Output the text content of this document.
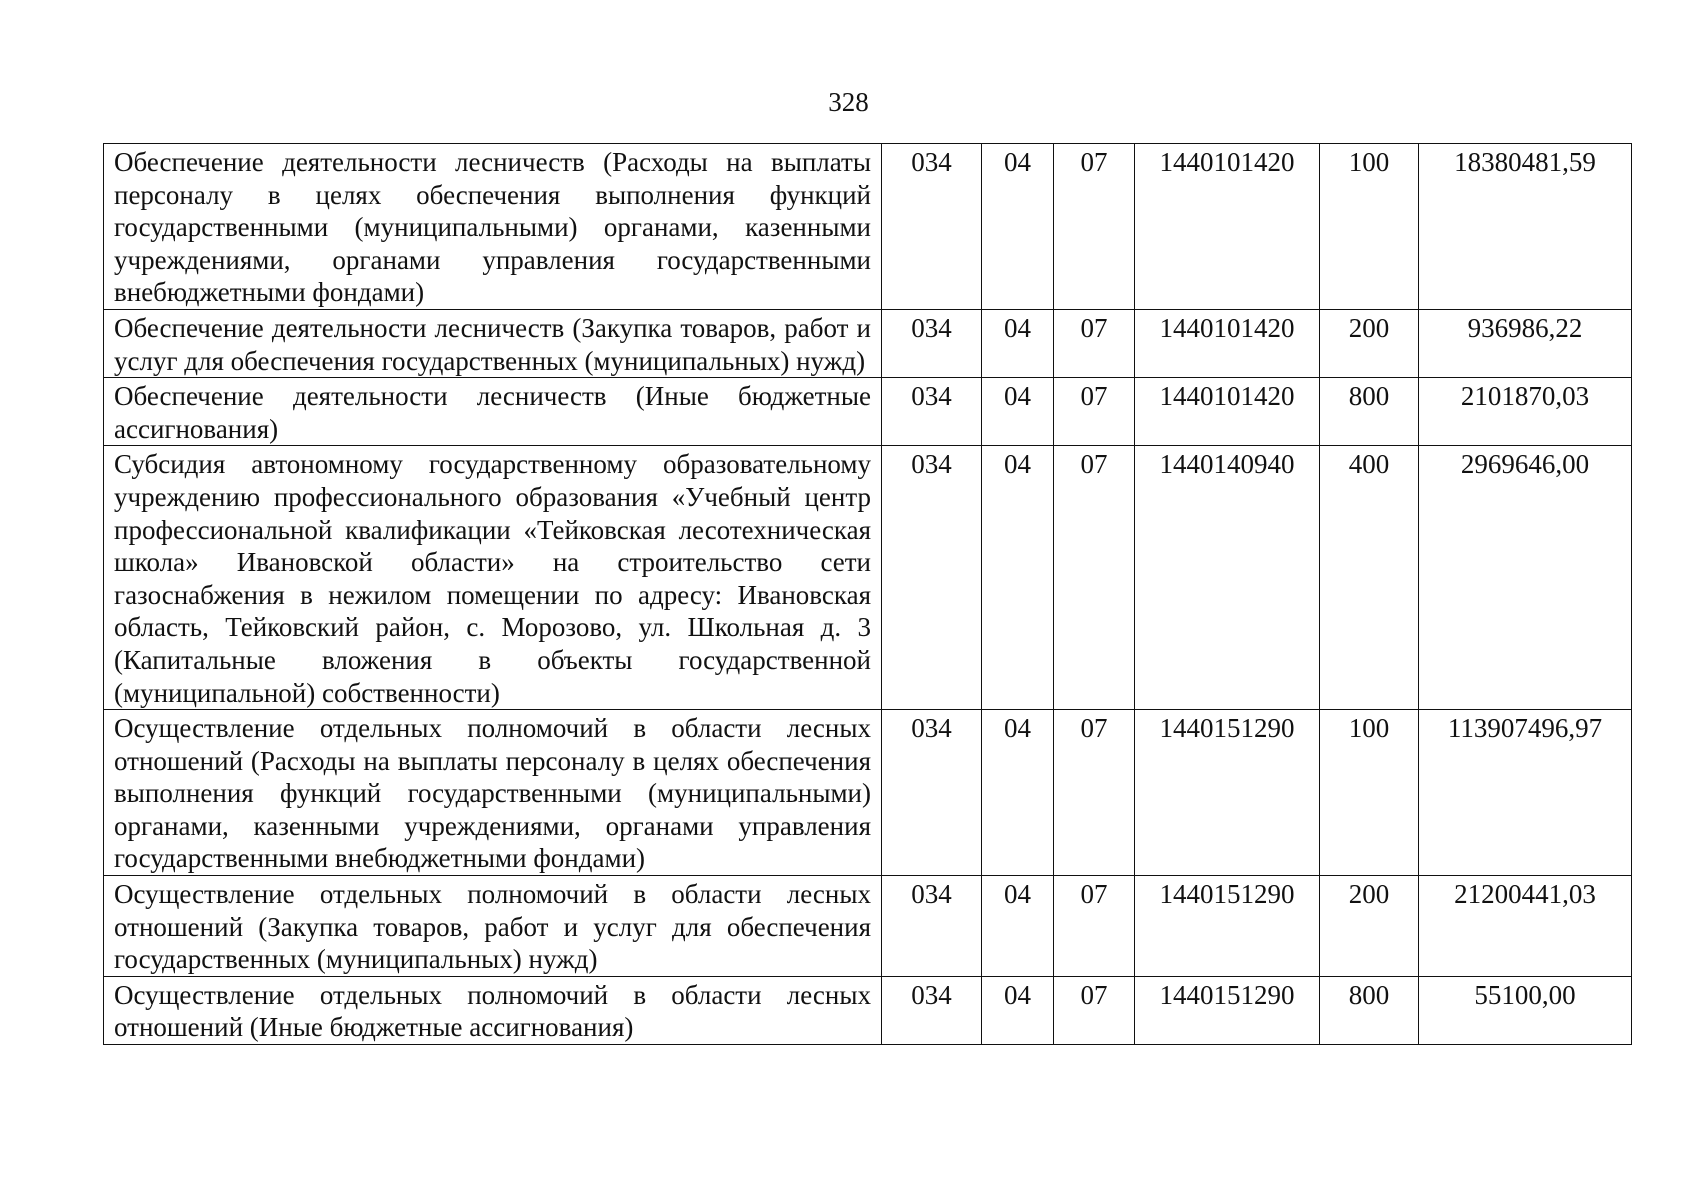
328
Обеспечение деятельности лесничеств (Расходы на выплаты персоналу в целях обеспечения выполнения функций государственными (муниципальными) органами, казенными учреждениями, органами управления государственными внебюджетными фондами)	034	04	07	1440101420	100	18380481,59
Обеспечение деятельности лесничеств (Закупка товаров, работ и услуг для обеспечения государственных (муниципальных) нужд)	034	04	07	1440101420	200	936986,22
Обеспечение деятельности лесничеств (Иные бюджетные ассигнования)	034	04	07	1440101420	800	2101870,03
Субсидия автономному государственному образовательному учреждению профессионального образования «Учебный центр профессиональной квалификации «Тейковская лесотехническая школа» Ивановской области» на строительство сети газоснабжения в нежилом помещении по адресу: Ивановская область, Тейковский район, с. Морозово, ул. Школьная д. 3 (Капитальные вложения в объекты государственной (муниципальной) собственности)	034	04	07	1440140940	400	2969646,00
Осуществление отдельных полномочий в области лесных отношений (Расходы на выплаты персоналу в целях обеспечения выполнения функций государственными (муниципальными) органами, казенными учреждениями, органами управления государственными внебюджетными фондами)	034	04	07	1440151290	100	113907496,97
Осуществление отдельных полномочий в области лесных отношений (Закупка товаров, работ и услуг для обеспечения государственных (муниципальных) нужд)	034	04	07	1440151290	200	21200441,03
Осуществление отдельных полномочий в области лесных отношений (Иные бюджетные ассигнования)	034	04	07	1440151290	800	55100,00
